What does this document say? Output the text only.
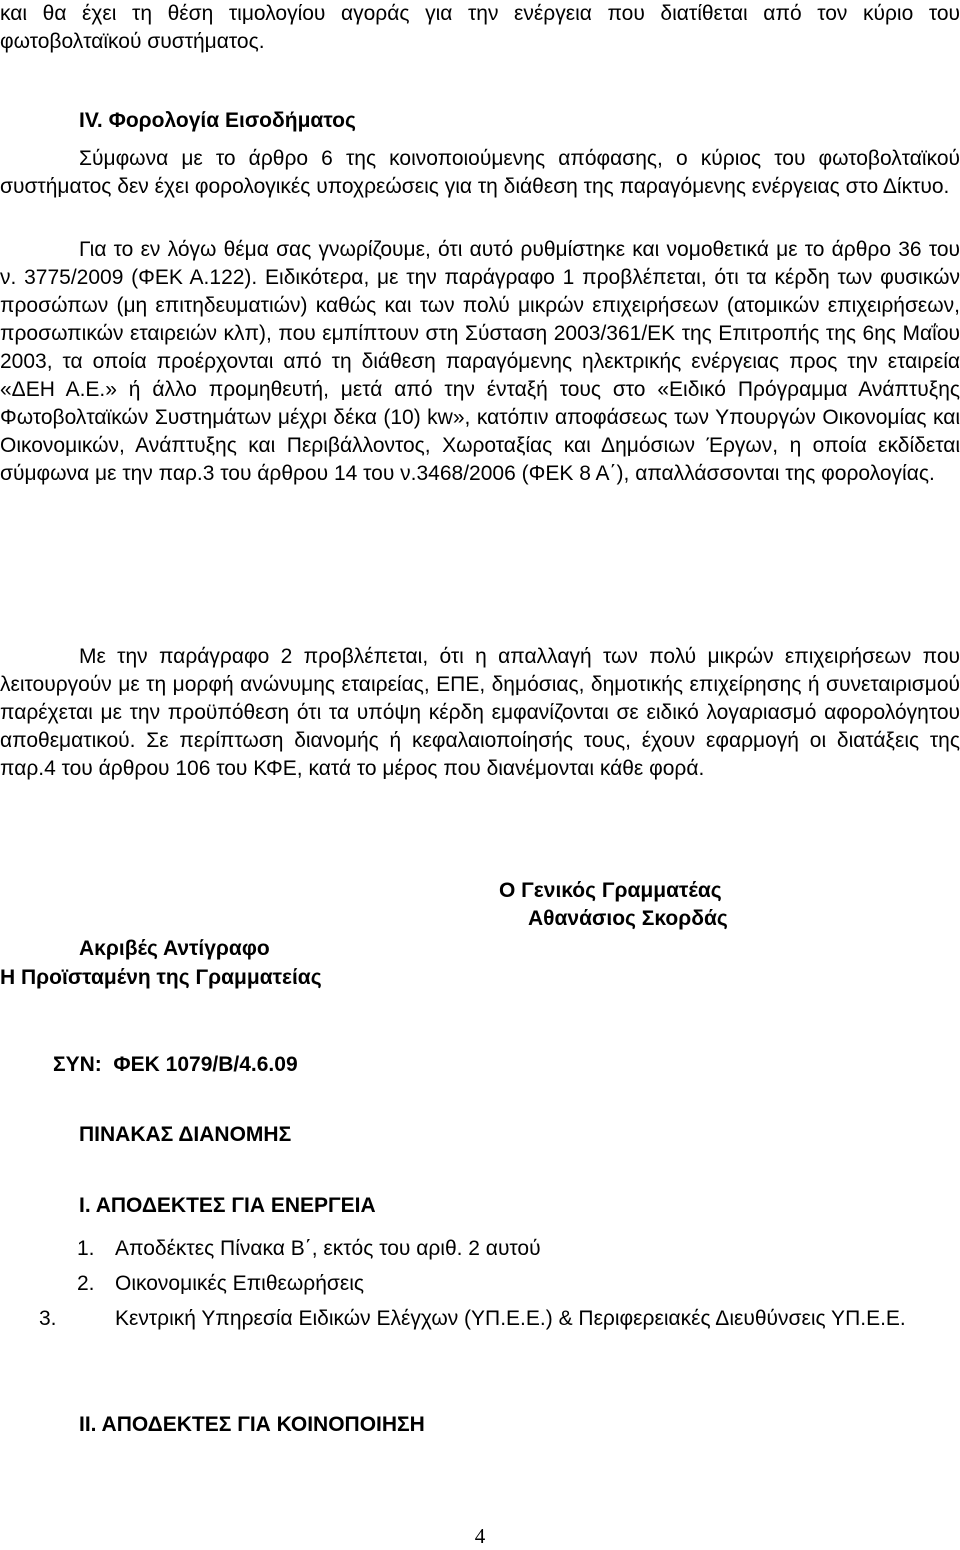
και θα έχει τη θέση τιμολογίου αγοράς για την ενέργεια που διατίθεται από τον κύριο του φωτοβολταϊκού συστήματος.

IV. Φορολογία Εισοδήματος

Σύμφωνα με το άρθρο 6 της κοινοποιούμενης απόφασης, ο κύριος του φωτοβολταϊκού συστήματος δεν έχει φορολογικές υποχρεώσεις για τη διάθεση της παραγόμενης ενέργειας στο Δίκτυο.

Για το εν λόγω θέμα σας γνωρίζουμε, ότι αυτό ρυθμίστηκε και νομοθετικά με το άρθρο 36 του ν. 3775/2009 (ΦΕΚ Α.122). Ειδικότερα, με την παράγραφο 1 προβλέπεται, ότι τα κέρδη των φυσικών προσώπων (μη επιτηδευματιών) καθώς και των πολύ μικρών επιχειρήσεων (ατομικών επιχειρήσεων, προσωπικών εταιρειών κλπ), που εμπίπτουν στη Σύσταση 2003/361/ΕΚ της Επιτροπής της 6ης Μαΐου 2003, τα οποία προέρχονται από τη διάθεση παραγόμενης ηλεκτρικής ενέργειας προς την εταιρεία «ΔΕΗ Α.Ε.» ή άλλο προμηθευτή, μετά από την ένταξή τους στο «Ειδικό Πρόγραμμα Ανάπτυξης Φωτοβολταϊκών Συστημάτων μέχρι δέκα (10) kw», κατόπιν αποφάσεως των Υπουργών Οικονομίας και Οικονομικών, Ανάπτυξης και Περιβάλλοντος, Χωροταξίας και Δημόσιων Έργων, η οποία εκδίδεται σύμφωνα με την παρ.3 του άρθρου 14 του ν.3468/2006 (ΦΕΚ 8 Α΄), απαλλάσσονται της φορολογίας.

Με την παράγραφο 2 προβλέπεται, ότι η απαλλαγή των πολύ μικρών επιχειρήσεων που λειτουργούν με τη μορφή ανώνυμης εταιρείας, ΕΠΕ, δημόσιας, δημοτικής επιχείρησης ή συνεταιρισμού παρέχεται με την προϋπόθεση ότι τα υπόψη κέρδη εμφανίζονται σε ειδικό λογαριασμό αφορολόγητου αποθεματικού. Σε περίπτωση διανομής ή κεφαλαιοποίησής τους, έχουν εφαρμογή οι διατάξεις της παρ.4 του άρθρου 106 του ΚΦΕ, κατά το μέρος που διανέμονται κάθε φορά.

Ο Γενικός Γραμματέας
Αθανάσιος Σκορδάς
Ακριβές Αντίγραφο
Η Προϊσταμένη της Γραμματείας
ΣΥΝ:  ΦΕΚ 1079/Β/4.6.09
ΠΙΝΑΚΑΣ ΔΙΑΝΟΜΗΣ
Ι. ΑΠΟΔΕΚΤΕΣ ΓΙΑ ΕΝΕΡΓΕΙΑ
1. Αποδέκτες Πίνακα Β΄, εκτός του αριθ. 2 αυτού
2. Οικονομικές Επιθεωρήσεις
3.	Κεντρική Υπηρεσία Ειδικών Ελέγχων (ΥΠ.Ε.Ε.) & Περιφερειακές Διευθύνσεις ΥΠ.Ε.Ε.
ΙΙ. ΑΠΟΔΕΚΤΕΣ ΓΙΑ ΚΟΙΝΟΠΟΙΗΣΗ
4
